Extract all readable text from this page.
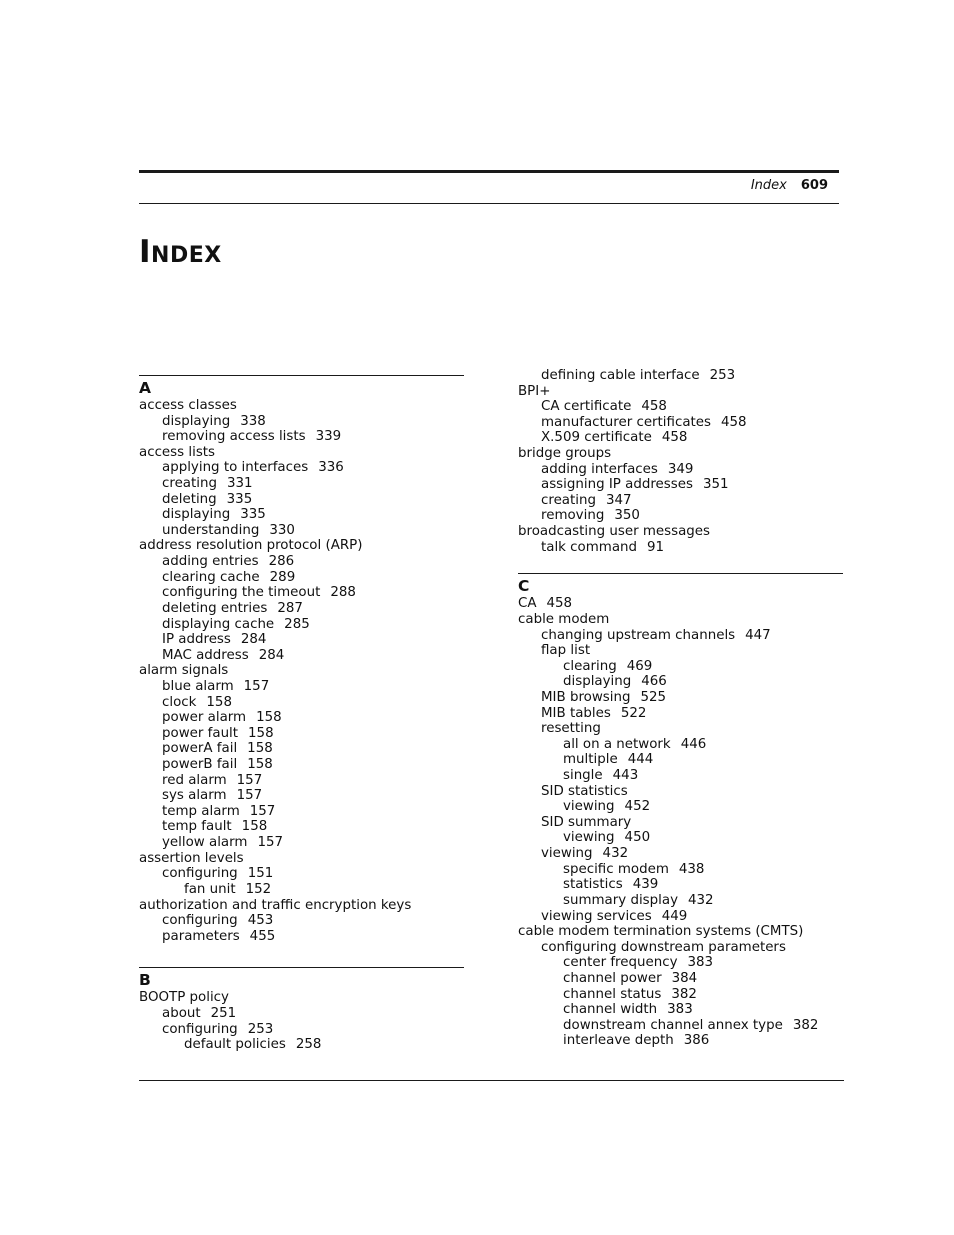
Index 609
Index
A
access classes
displaying 338
removing access lists 339
access lists
applying to interfaces 336
creating 331
deleting 335
displaying 335
understanding 330
address resolution protocol (ARP)
adding entries 286
clearing cache 289
configuring the timeout 288
deleting entries 287
displaying cache 285
IP address 284
MAC address 284
alarm signals
blue alarm 157
clock 158
power alarm 158
power fault 158
powerA fail 158
powerB fail 158
red alarm 157
sys alarm 157
temp alarm 157
temp fault 158
yellow alarm 157
assertion levels
configuring 151
fan unit 152
authorization and traffic encryption keys
configuring 453
parameters 455
B
BOOTP policy
about 251
configuring 253
default policies 258
defining cable interface 253
BPI+
CA certificate 458
manufacturer certificates 458
X.509 certificate 458
bridge groups
adding interfaces 349
assigning IP addresses 351
creating 347
removing 350
broadcasting user messages
talk command 91
C
CA 458
cable modem
changing upstream channels 447
flap list
clearing 469
displaying 466
MIB browsing 525
MIB tables 522
resetting
all on a network 446
multiple 444
single 443
SID statistics
viewing 452
SID summary
viewing 450
viewing 432
specific modem 438
statistics 439
summary display 432
viewing services 449
cable modem termination systems (CMTS)
configuring downstream parameters
center frequency 383
channel power 384
channel status 382
channel width 383
downstream channel annex type 382
interleave depth 386
